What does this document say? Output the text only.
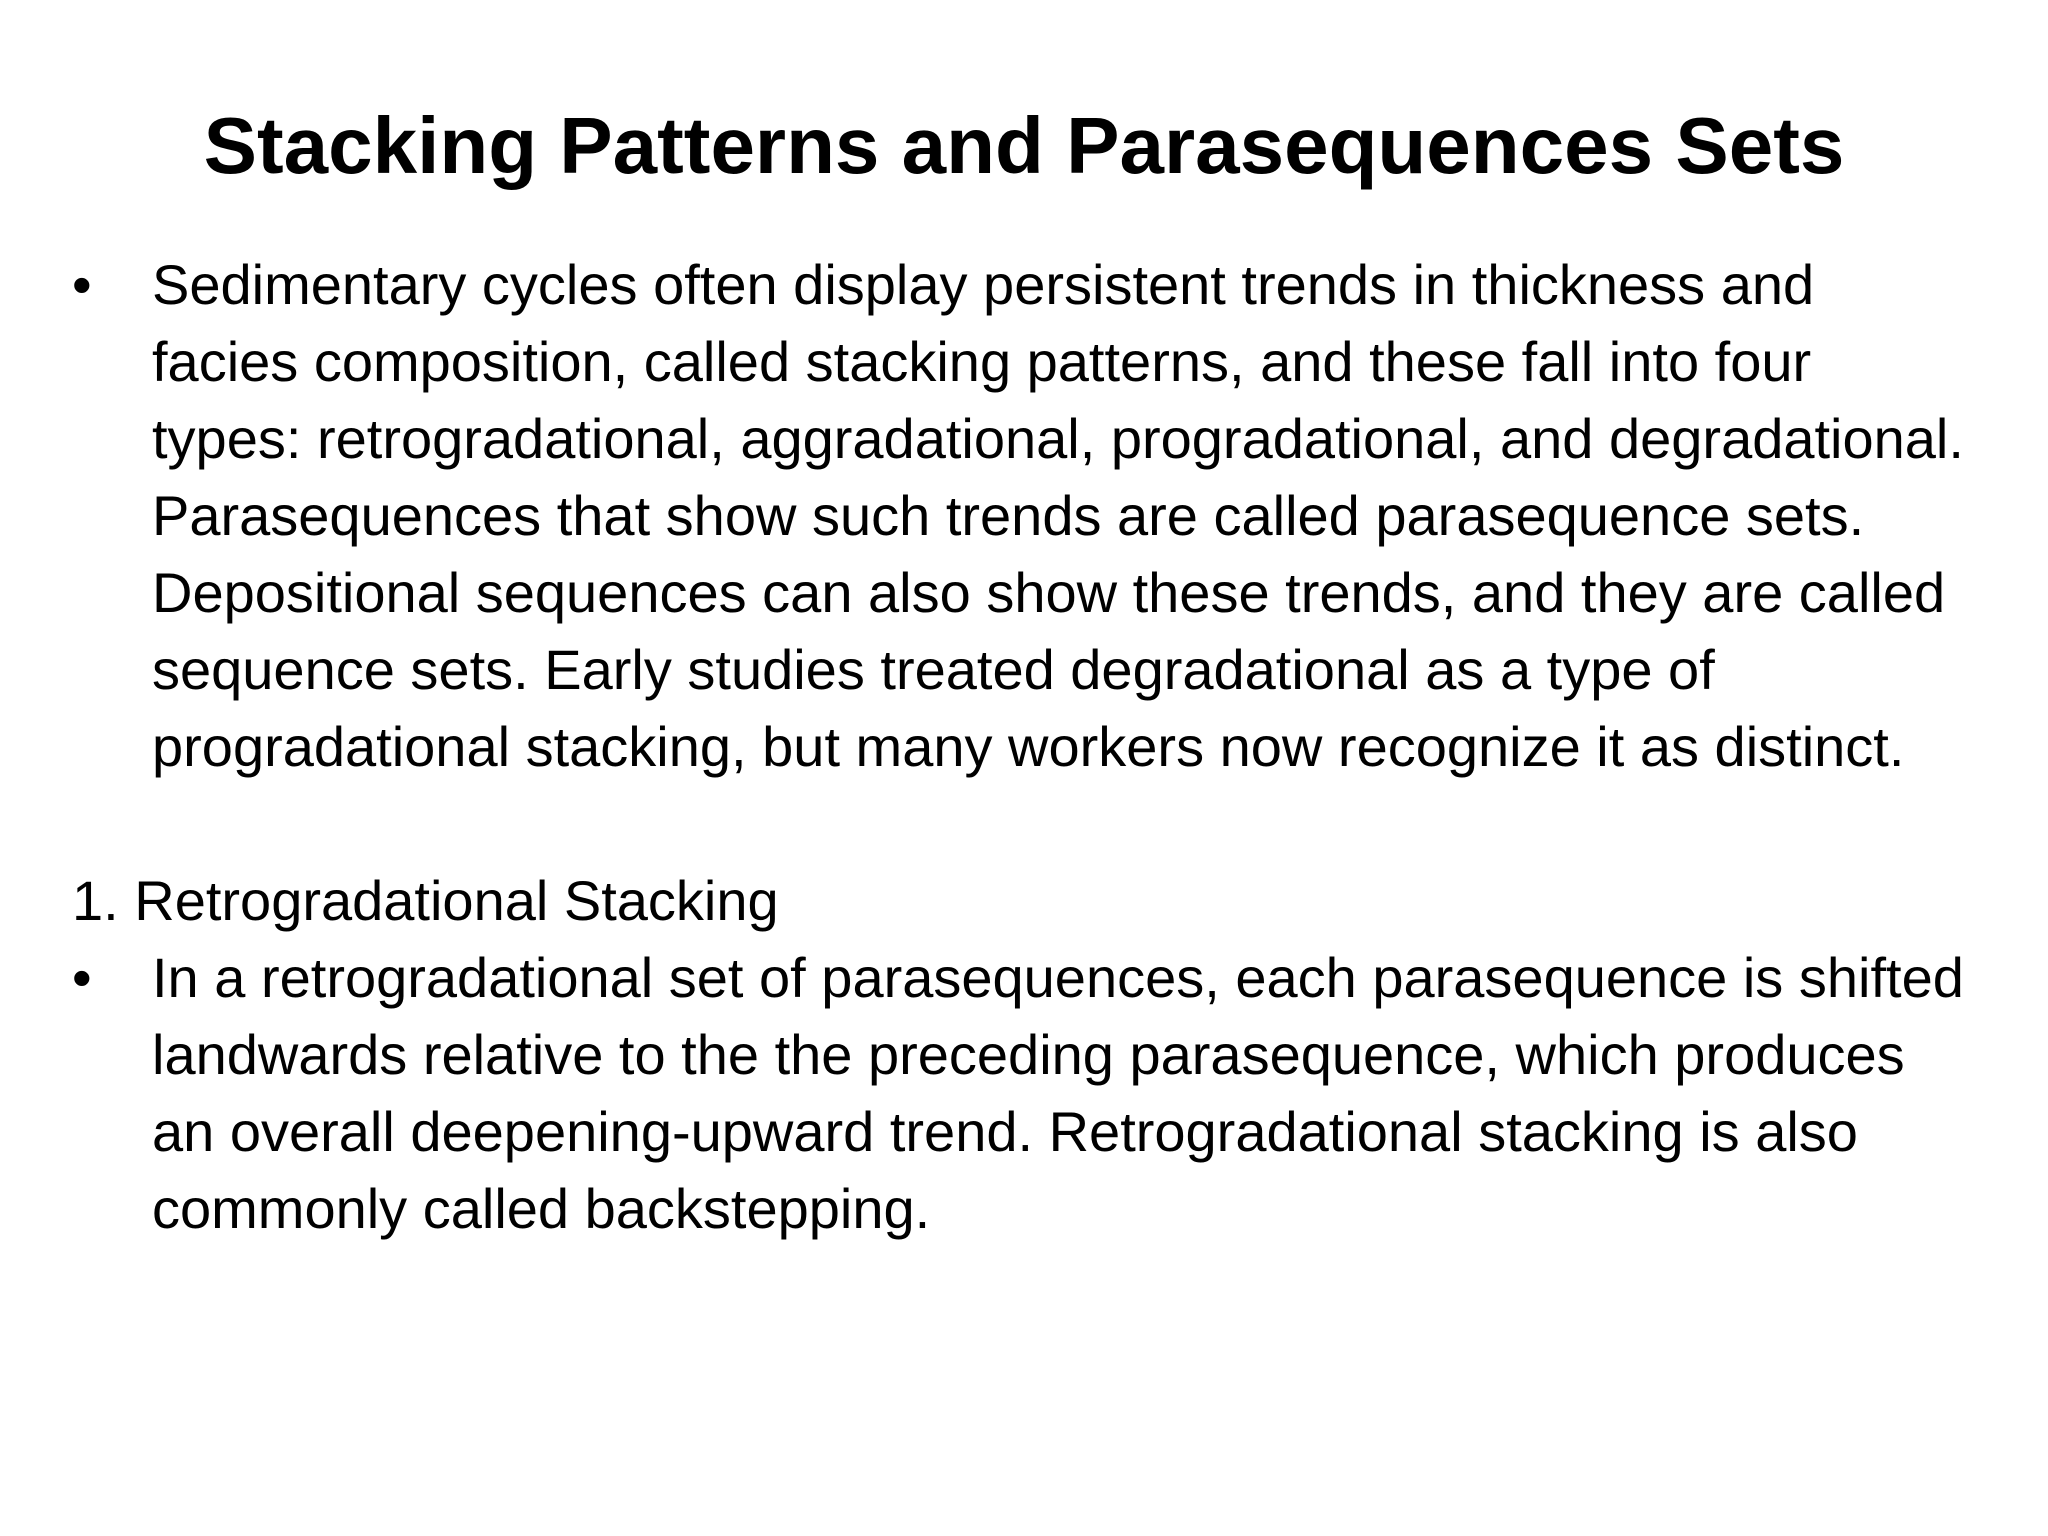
Stacking Patterns and Parasequences Sets
•	Sedimentary cycles often display persistent trends in thickness and facies composition, called stacking patterns, and these fall into four types: retrogradational, aggradational, progradational, and degradational. Parasequences that show such trends are called parasequence sets. Depositional sequences can also show these trends, and they are called sequence sets. Early studies treated degradational as a type of progradational stacking, but many workers now recognize it as distinct.
1. Retrogradational Stacking
•	In a retrogradational set of parasequences, each parasequence is shifted landwards relative to the the preceding parasequence, which produces an overall deepening-upward trend. Retrogradational stacking is also commonly called backstepping.
